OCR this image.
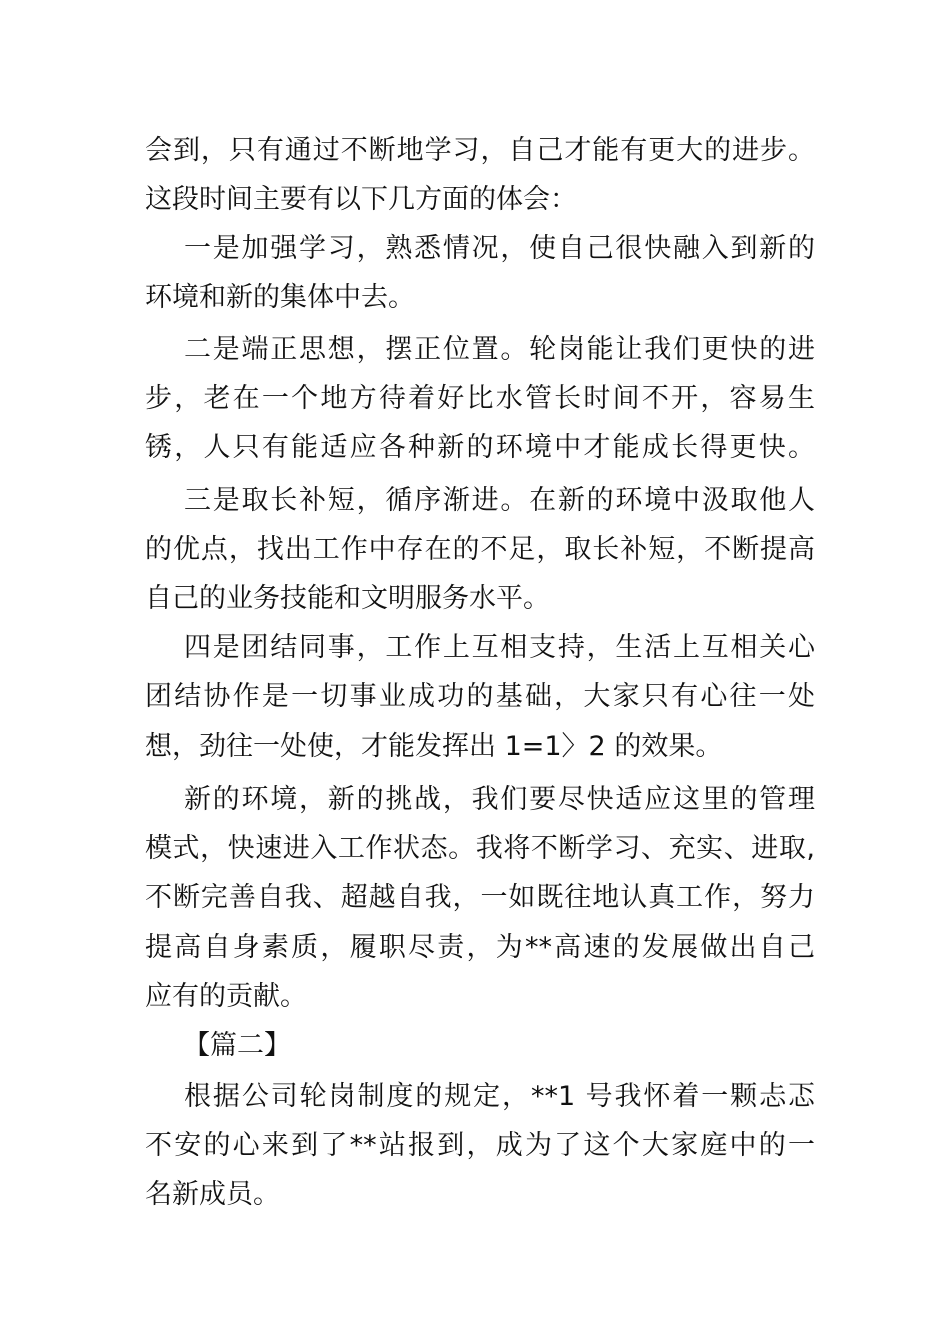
会到，只有通过不断地学习，自己才能有更大的进步。
这段时间主要有以下几方面的体会：
一是加强学习，熟悉情况，使自己很快融入到新的
环境和新的集体中去。
二是端正思想，摆正位置。轮岗能让我们更快的进
步，老在一个地方待着好比水管长时间不开，容易生
锈，人只有能适应各种新的环境中才能成长得更快。
三是取长补短，循序渐进。在新的环境中汲取他人
的优点，找出工作中存在的不足，取长补短，不断提高
自己的业务技能和文明服务水平。
四是团结同事，工作上互相支持，生活上互相关心
团结协作是一切事业成功的基础，大家只有心往一处
想，劲往一处使，才能发挥出 1=1〉2 的效果。
新的环境，新的挑战，我们要尽快适应这里的管理
模式，快速进入工作状态。我将不断学习、充实、进取,
不断完善自我、超越自我，一如既往地认真工作，努力
提高自身素质，履职尽责，为**高速的发展做出自己
应有的贡献。
【篇二】
根据公司轮岗制度的规定，**1 号我怀着一颗忐忑
不安的心来到了**站报到，成为了这个大家庭中的一
名新成员。
